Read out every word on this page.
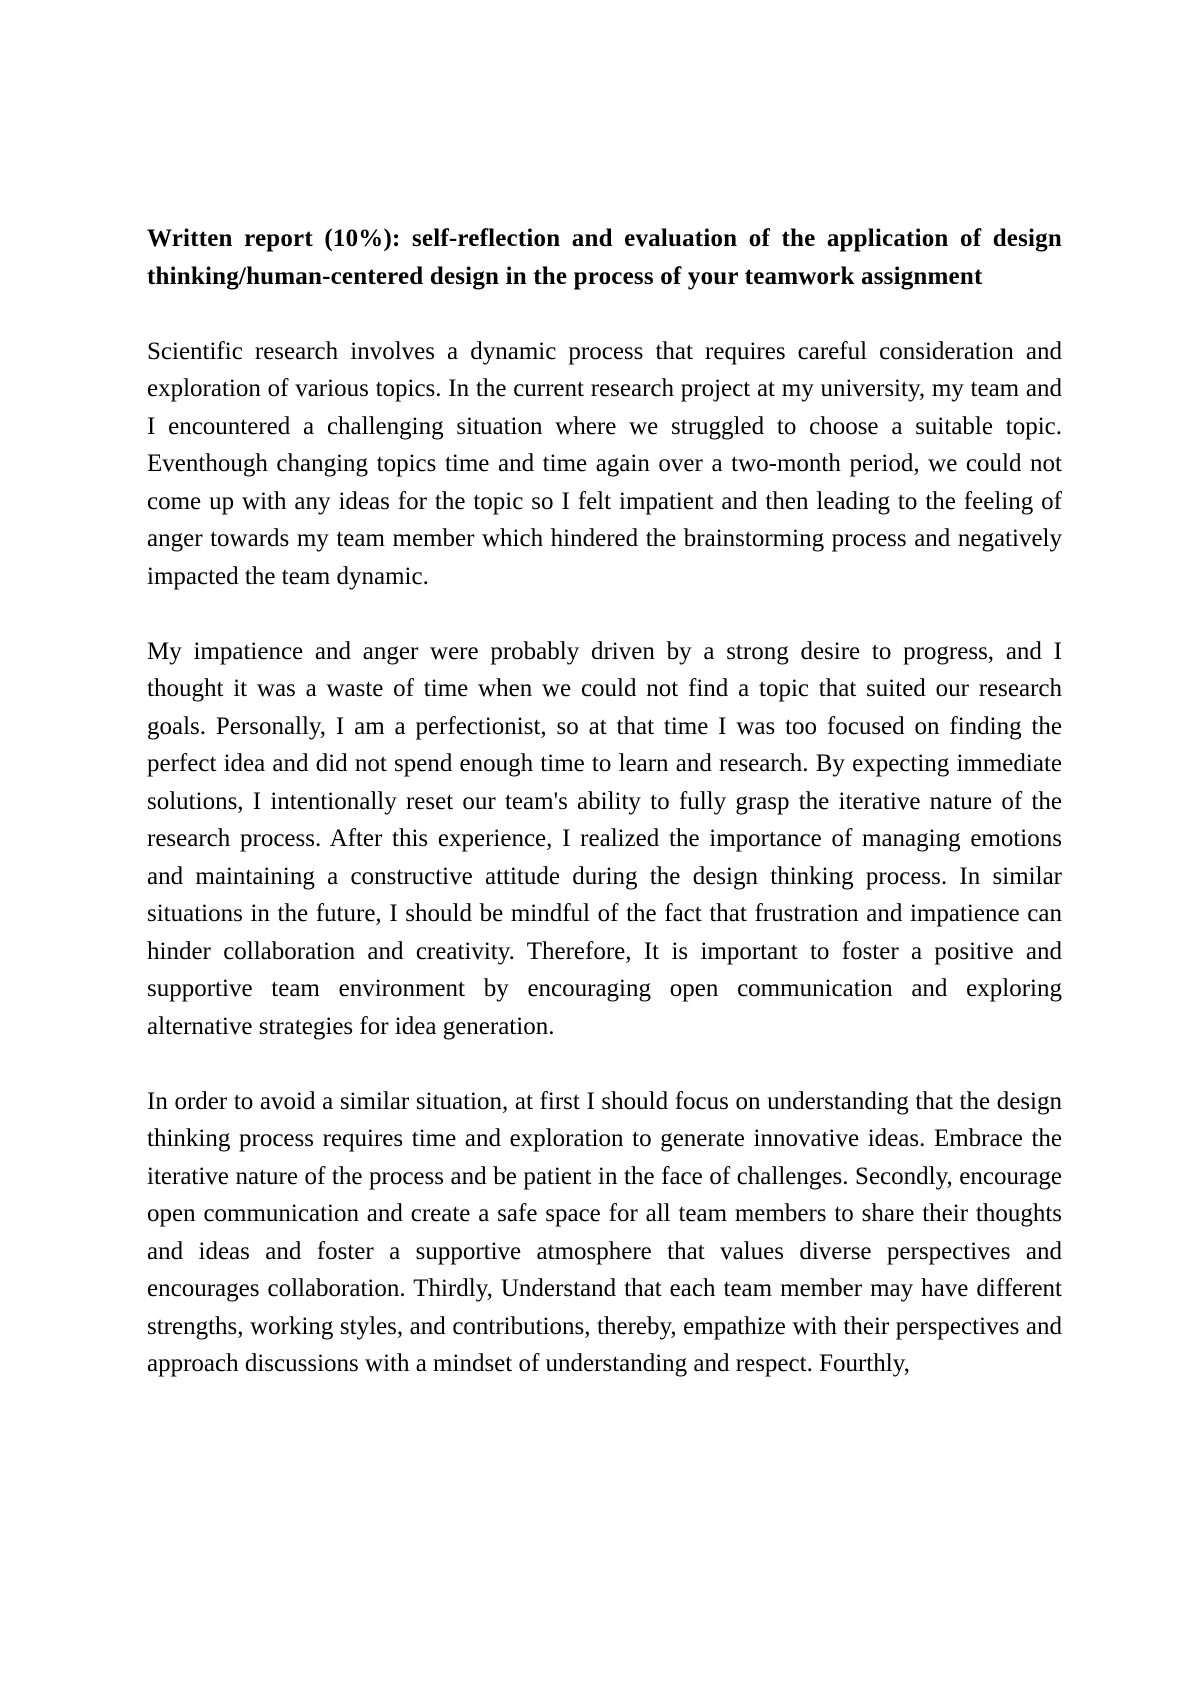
Written report (10%): self-reflection and evaluation of the application of design thinking/human-centered design in the process of your teamwork assignment

Scientific research involves a dynamic process that requires careful consideration and exploration of various topics. In the current research project at my university, my team and I encountered a challenging situation where we struggled to choose a suitable topic. Eventhough changing topics time and time again over a two-month period, we could not come up with any ideas for the topic so I felt impatient and then leading to the feeling of anger towards my team member which hindered the brainstorming process and negatively impacted the team dynamic.

My impatience and anger were probably driven by a strong desire to progress, and I thought it was a waste of time when we could not find a topic that suited our research goals. Personally, I am a perfectionist, so at that time I was too focused on finding the perfect idea and did not spend enough time to learn and research. By expecting immediate solutions, I intentionally reset our team's ability to fully grasp the iterative nature of the research process. After this experience, I realized the importance of managing emotions and maintaining a constructive attitude during the design thinking process. In similar situations in the future, I should be mindful of the fact that frustration and impatience can hinder collaboration and creativity. Therefore, It is important to foster a positive and supportive team environment by encouraging open communication and exploring alternative strategies for idea generation.

In order to avoid a similar situation, at first I should focus on understanding that the design thinking process requires time and exploration to generate innovative ideas. Embrace the iterative nature of the process and be patient in the face of challenges. Secondly, encourage open communication and create a safe space for all team members to share their thoughts and ideas and foster a supportive atmosphere that values diverse perspectives and encourages collaboration. Thirdly, Understand that each team member may have different strengths, working styles, and contributions, thereby, empathize with their perspectives and approach discussions with a mindset of understanding and respect. Fourthly,
